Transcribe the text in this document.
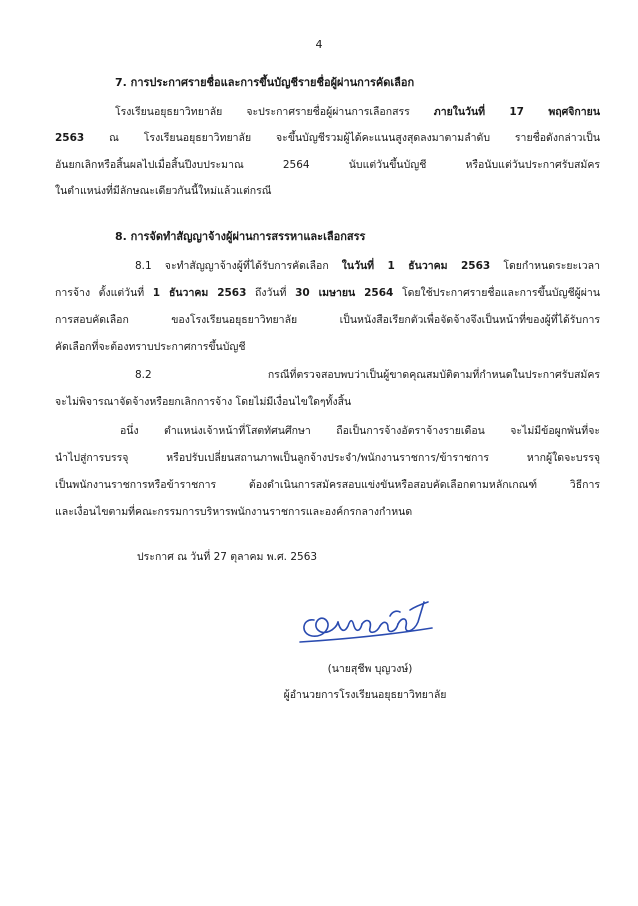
4
7. การประกาศรายชื่อและการขึ้นบัญชีรายชื่อผู้ผ่านการคัดเลือก
โรงเรียนอยุธยาวิทยาลัย จะประกาศรายชื่อผู้ผ่านการเลือกสรร ภายในวันที่ 17 พฤศจิกายน
2563 ณ โรงเรียนอยุธยาวิทยาลัย จะขึ้นบัญชีรวมผู้ได้คะแนนสูงสุดลงมาตามลำดับ รายชื่อดังกล่าวเป็น
อันยกเลิกหรือสิ้นผลไปเมื่อสิ้นปีงบประมาณ 2564 นับแต่วันขึ้นบัญชี หรือนับแต่วันประกาศรับสมัคร
ในตำแหน่งที่มีลักษณะเดียวกันนี้ใหม่แล้วแต่กรณี
8. การจัดทำสัญญาจ้างผู้ผ่านการสรรหาและเลือกสรร
8.1 จะทำสัญญาจ้างผู้ที่ได้รับการคัดเลือก ในวันที่ 1 ธันวาคม 2563 โดยกำหนดระยะเวลา
การจ้าง ตั้งแต่วันที่ 1 ธันวาคม 2563 ถึงวันที่ 30 เมษายน 2564 โดยใช้ประกาศรายชื่อและการขึ้นบัญชีผู้ผ่าน
การสอบคัดเลือก ของโรงเรียนอยุธยาวิทยาลัย เป็นหนังสือเรียกตัวเพื่อจัดจ้างจึงเป็นหน้าที่ของผู้ที่ได้รับการ
คัดเลือกที่จะต้องทราบประกาศการขึ้นบัญชี
8.2 กรณีที่ตรวจสอบพบว่าเป็นผู้ขาดคุณสมบัติตามที่กำหนดในประกาศรับสมัคร
จะไม่พิจารณาจัดจ้างหรือยกเลิกการจ้าง โดยไม่มีเงื่อนไขใดๆทั้งสิ้น
อนึ่ง ตำแหน่งเจ้าหน้าที่โสตทัศนศึกษา ถือเป็นการจ้างอัตราจ้างรายเดือน จะไม่มีข้อผูกพันที่จะ
นำไปสู่การบรรจุ หรือปรับเปลี่ยนสถานภาพเป็นลูกจ้างประจำ/พนักงานราชการ/ข้าราชการ หากผู้ใดจะบรรจุ
เป็นพนักงานราชการหรือข้าราชการ ต้องดำเนินการสมัครสอบแข่งขันหรือสอบคัดเลือกตามหลักเกณฑ์ วิธีการ
และเงื่อนไขตามที่คณะกรรมการบริหารพนักงานราชการและองค์กรกลางกำหนด
ประกาศ ณ วันที่ 27 ตุลาคม พ.ศ. 2563
(นายสุชีพ บุญวงษ์)
ผู้อำนวยการโรงเรียนอยุธยาวิทยาลัย
